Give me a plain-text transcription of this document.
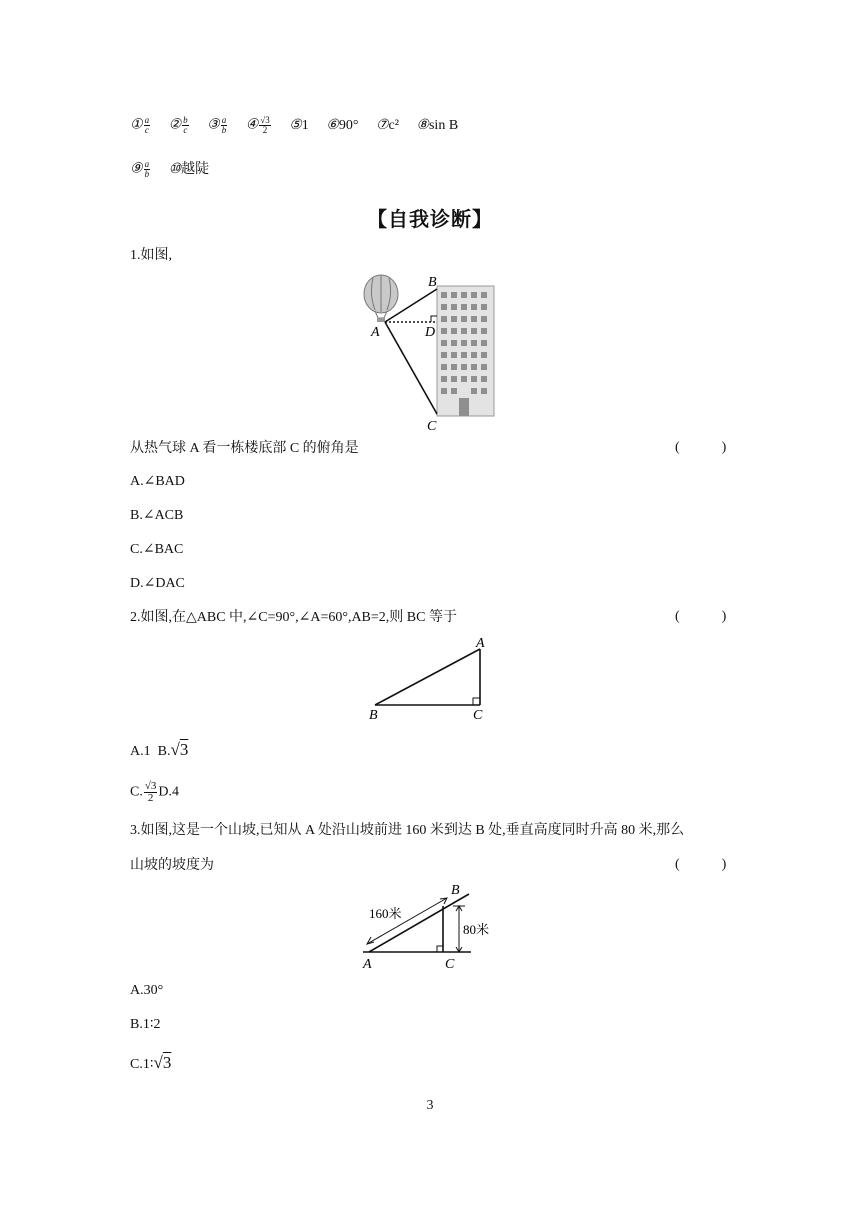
① $\frac{a}{c}$ ② $\frac{b}{c}$ ③ $\frac{a}{b}$ ④ $\frac{√3}{2}$ ⑤1 ⑥90° ⑦c² ⑧sin B
⑨ $\frac{a}{b}$ ⑩越陡
【自我诊断】
1.如图,
B
A	D
C
从热气球 A 看一栋楼底部 C 的俯角是	(	)
A.∠BAD
B.∠ACB
C.∠BAC
D.∠DAC
2.如图,在△ABC 中,∠C=90°,∠A=60°,AB=2,则 BC 等于	(	)
A
B	C
A.1 B.√3
C. $\frac{√3}{2} D.4$
3.如图,这是一个山坡,已知从 A 处沿山坡前进 160 米到达 B 处,垂直高度同时升高 80 米,那么
山坡的坡度为	(	)
160米
80米
B
A	C
A.30°
B.1∶2
C.1∶√3
3
